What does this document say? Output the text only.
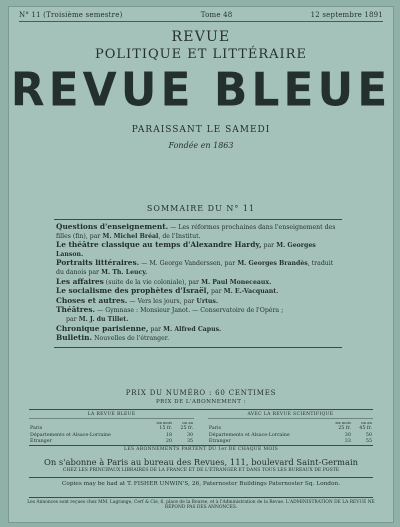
N° 11 (Troisième semestre)	Tome 48	12 septembre 1891
REVUE
POLITIQUE ET LITTÉRAIRE
REVUE BLEUE
PARAISSANT LE SAMEDI
Fondée en 1863
SOMMAIRE DU N° 11
Questions d'enseignement. — Les réformes prochaines dans l'enseignement des filles (fin), par M. Michel Bréal, de l'Institut.
Le théâtre classique au temps d'Alexandre Hardy, par M. Georges Lanson.
Portraits littéraires. — M. George Vanderssen, par M. Georges Brandès, traduit du danois par M. Th. Leucy.
Les affaires (suite de la vie coloniale), par M. Paul Moneceaux.
Le socialisme des prophètes d'Israël, par M. E.-Vacquant.
Choses et autres. — Vers les jours, par Urtus.
Théâtres. — Gymnase : Monsieur Janot. — Conservatoire de l'Opéra ;
par M. J. du Tillet.
Chronique parisienne, par M. Alfred Capus.
Bulletin. Nouvelles de l'étranger.
PRIX DU NUMÉRO : 60 CENTIMES
PRIX DE L'ABONNEMENT :
LA REVUE BLEUE
	six mois	un an
Paris	15 fr.	25 fr.
Départements et Alsace-Lorraine	18	30
Étranger	20	35
AVEC LA REVUE SCIENTIFIQUE
	six mois	un an
Paris	25 fr.	45 fr.
Départements et Alsace-Lorraine	30	50
Étranger	33	55
LES ABONNEMENTS PARTENT DU 1er DE CHAQUE MOIS
On s'abonne à Paris au bureau des Revues, 111, boulevard Saint-Germain
CHEZ LES PRINCIPAUX LIBRAIRES DE LA FRANCE ET DE L'ÉTRANGER ET DANS TOUS LES BUREAUX DE POSTE
Copies may be had at T. FISHER UNWIN'S, 26, Paternoster Buildings Paternoster Sq. London.
Les Annonces sont reçues chez MM. Lagrange, Cerf & Cie, 6, place de la Bourse, et à l'Administration de la Revue. L'ADMINISTRATION DE LA REVUE NE RÉPOND PAS DES ANNONCES.
